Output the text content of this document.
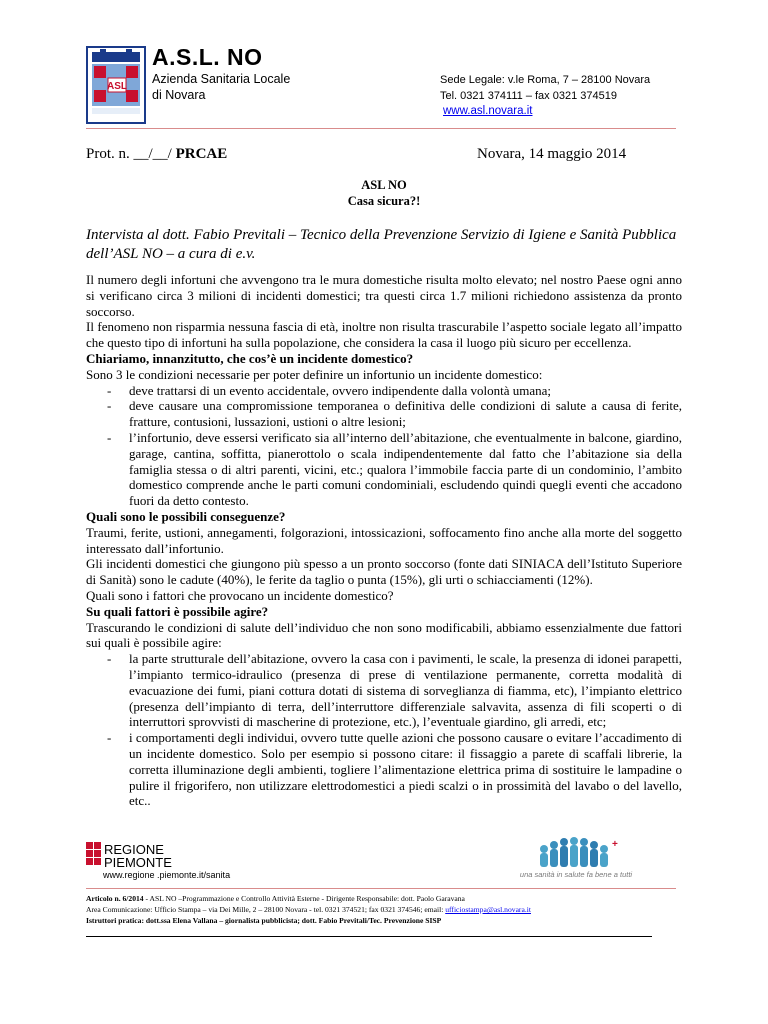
ASL
A.S.L. NO
Azienda Sanitaria Locale
di Novara
Sede Legale: v.le Roma, 7 – 28100 Novara
Tel. 0321 374111 – fax 0321 374519
www.asl.novara.it
Prot. n. __/__/ PRCAE	Novara, 14 maggio 2014
ASL NO
Casa sicura?!
Intervista al dott. Fabio Previtali – Tecnico della Prevenzione Servizio di Igiene e Sanità Pubblica dell’ASL NO – a cura di e.v.

Il numero degli infortuni che avvengono tra le mura domestiche risulta molto elevato; nel nostro Paese ogni anno si verificano circa 3 milioni di incidenti domestici; tra questi circa 1.7 milioni richiedono assistenza da pronto soccorso.

Il fenomeno non risparmia nessuna fascia di età, inoltre non risulta trascurabile l’aspetto sociale legato all’impatto che questo tipo di infortuni ha sulla popolazione, che considera la casa il luogo più sicuro per eccellenza.

Chiariamo, innanzitutto, che cos’è un incidente domestico?

Sono 3 le condizioni necessarie per poter definire un infortunio un incidente domestico:

- deve trattarsi di un evento accidentale, ovvero indipendente dalla volontà umana;
- deve causare una compromissione temporanea o definitiva delle condizioni di salute a causa di ferite, fratture, contusioni, lussazioni, ustioni o altre lesioni;
- l’infortunio, deve essersi verificato sia all’interno dell’abitazione, che eventualmente in balcone, giardino, garage, cantina, soffitta, pianerottolo o scala indipendentemente dal fatto che l’abitazione sia della famiglia stessa o di altri parenti, vicini, etc.; qualora l’immobile faccia parte di un condominio, l’ambito domestico comprende anche le parti comuni condominiali, escludendo quindi quegli eventi che accadono fuori da detto contesto.

Quali sono le possibili conseguenze?

Traumi, ferite, ustioni, annegamenti, folgorazioni, intossicazioni, soffocamento fino anche alla morte del soggetto interessato dall’infortunio.

Gli incidenti domestici che giungono più spesso a un pronto soccorso (fonte dati SINIACA dell’Istituto Superiore di Sanità) sono le cadute (40%), le ferite da taglio o punta (15%), gli urti o schiacciamenti (12%).

Quali sono i fattori che provocano un incidente domestico?

Su quali fattori è possibile agire?

Trascurando le condizioni di salute dell’individuo che non sono modificabili, abbiamo essenzialmente due fattori sui quali è possibile agire:

- la parte strutturale dell’abitazione, ovvero la casa con i pavimenti, le scale, la presenza di idonei parapetti, l’impianto termico-idraulico (presenza di prese di ventilazione permanente, corretta modalità di evacuazione dei fumi, piani cottura dotati di sistema di sorveglianza di fiamma, etc), l’impianto elettrico (presenza dell’impianto di terra, dell’interruttore differenziale salvavita, assenza di fili scoperti o di interruttori sprovvisti di mascherine di protezione, etc.), l’eventuale giardino, gli arredi, etc;
- i comportamenti degli individui, ovvero tutte quelle azioni che possono causare o evitare l’accadimento di un incidente domestico. Solo per esempio si possono citare: il fissaggio a parete di scaffali librerie, la corretta illuminazione degli ambienti, togliere l’alimentazione elettrica prima di sostituire le lampadine o pulire il frigorifero, non utilizzare elettrodomestici a piedi scalzi o in prossimità del lavabo o del lavello, etc..
REGIONE
PIEMONTE
www.regione .piemonte.it/sanita
+
una sanità in salute fa bene a tutti
Articolo n. 6/2014 - ASL NO –Programmazione e Controllo Attività Esterne - Dirigente Responsabile: dott. Paolo Garavana
Area Comunicazione: Ufficio Stampa – via Dei Mille, 2 – 28100 Novara - tel. 0321 374521; fax 0321 374546; email: ufficiostampa@asl.novara.it
Istruttori pratica: dott.ssa Elena Vallana – giornalista pubblicista; dott. Fabio Previtali/Tec. Prevenzione SISP
